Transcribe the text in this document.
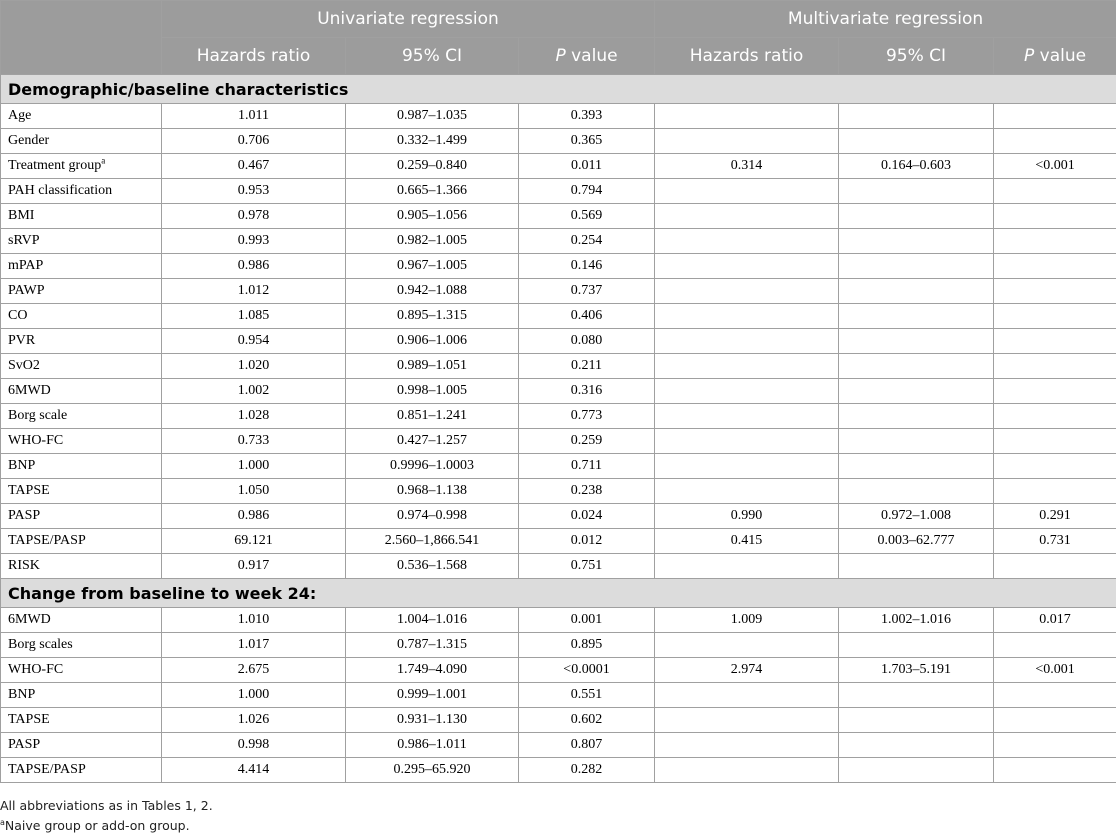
	Univariate regression			Multivariate regression		
	Hazards ratio	95% CI	P value	Hazards ratio	95% CI	P value
Demographic/baseline characteristics						
Age	1.011	0.987–1.035	0.393			
Gender	0.706	0.332–1.499	0.365			
Treatment group$^a$	0.467	0.259–0.840	0.011	0.314	0.164–0.603	<0.001
PAH classification	0.953	0.665–1.366	0.794			
BMI	0.978	0.905–1.056	0.569			
sRVP	0.993	0.982–1.005	0.254			
mPAP	0.986	0.967–1.005	0.146			
PAWP	1.012	0.942–1.088	0.737			
CO	1.085	0.895–1.315	0.406			
PVR	0.954	0.906–1.006	0.080			
SvO2	1.020	0.989–1.051	0.211			
6MWD	1.002	0.998–1.005	0.316			
Borg scale	1.028	0.851–1.241	0.773			
WHO-FC	0.733	0.427–1.257	0.259			
BNP	1.000	0.9996–1.0003	0.711			
TAPSE	1.050	0.968–1.138	0.238			
PASP	0.986	0.974–0.998	0.024	0.990	0.972–1.008	0.291
TAPSE/PASP	69.121	2.560–1,866.541	0.012	0.415	0.003–62.777	0.731
RISK	0.917	0.536–1.568	0.751			
Change from baseline to week 24:						
6MWD	1.010	1.004–1.016	0.001	1.009	1.002–1.016	0.017
Borg scales	1.017	0.787–1.315	0.895			
WHO-FC	2.675	1.749–4.090	<0.0001	2.974	1.703–5.191	<0.001
BNP	1.000	0.999–1.001	0.551			
TAPSE	1.026	0.931–1.130	0.602			
PASP	0.998	0.986–1.011	0.807			
TAPSE/PASP	4.414	0.295–65.920	0.282			
All abbreviations as in Tables 1, 2.
$^a$Naive group or add-on group.
